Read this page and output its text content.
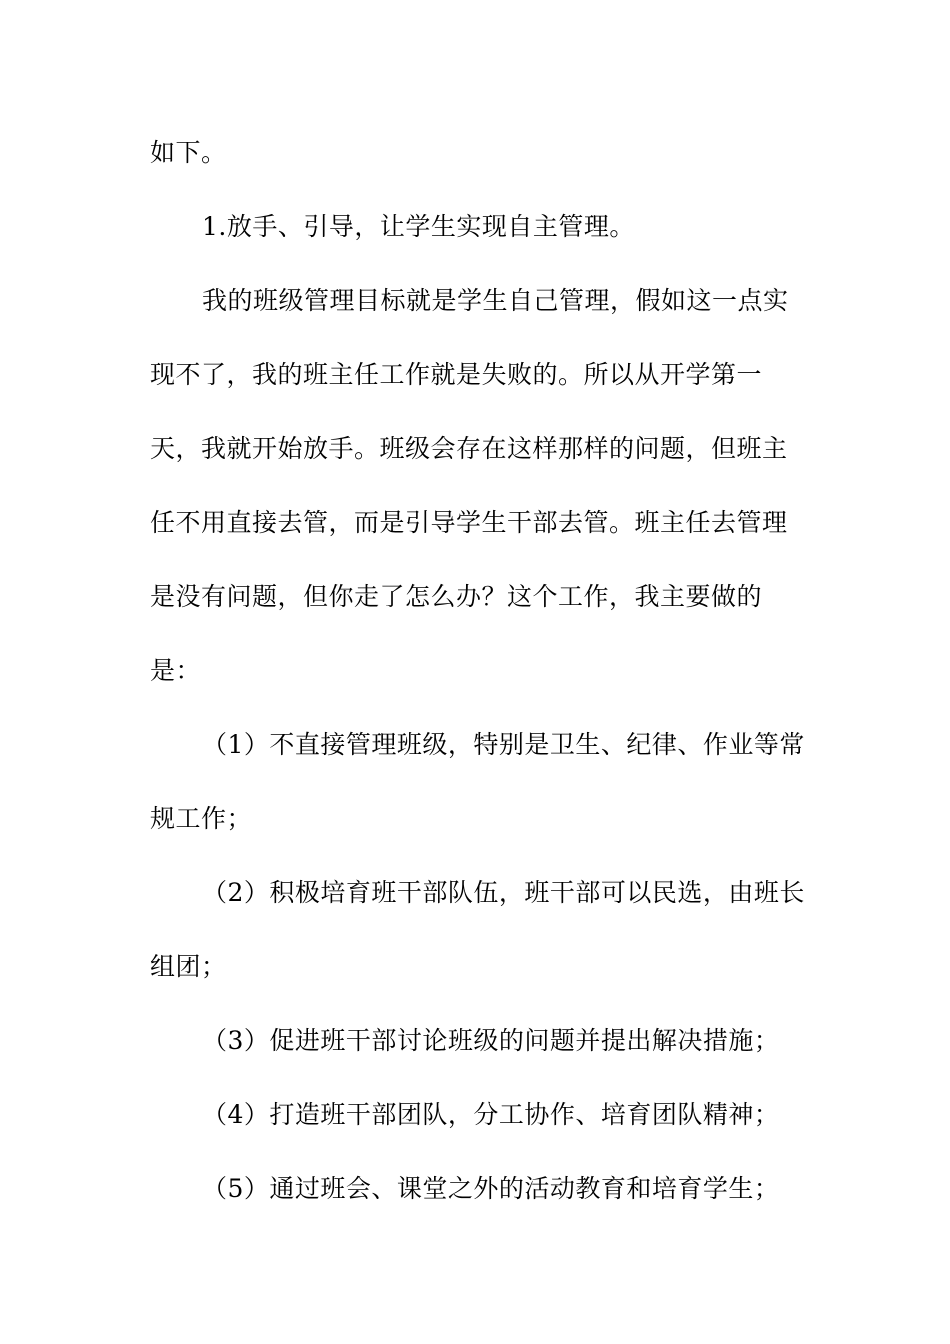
如下。

1.放手、引导，让学生实现自主管理。

我的班级管理目标就是学生自己管理，假如这一点实

现不了，我的班主任工作就是失败的。所以从开学第一

天，我就开始放手。班级会存在这样那样的问题，但班主

任不用直接去管，而是引导学生干部去管。班主任去管理

是没有问题，但你走了怎么办？这个工作，我主要做的

是：

（1）不直接管理班级，特别是卫生、纪律、作业等常

规工作；

（2）积极培育班干部队伍，班干部可以民选，由班长

组团；

（3）促进班干部讨论班级的问题并提出解决措施；

（4）打造班干部团队，分工协作、培育团队精神；

（5）通过班会、课堂之外的活动教育和培育学生；
